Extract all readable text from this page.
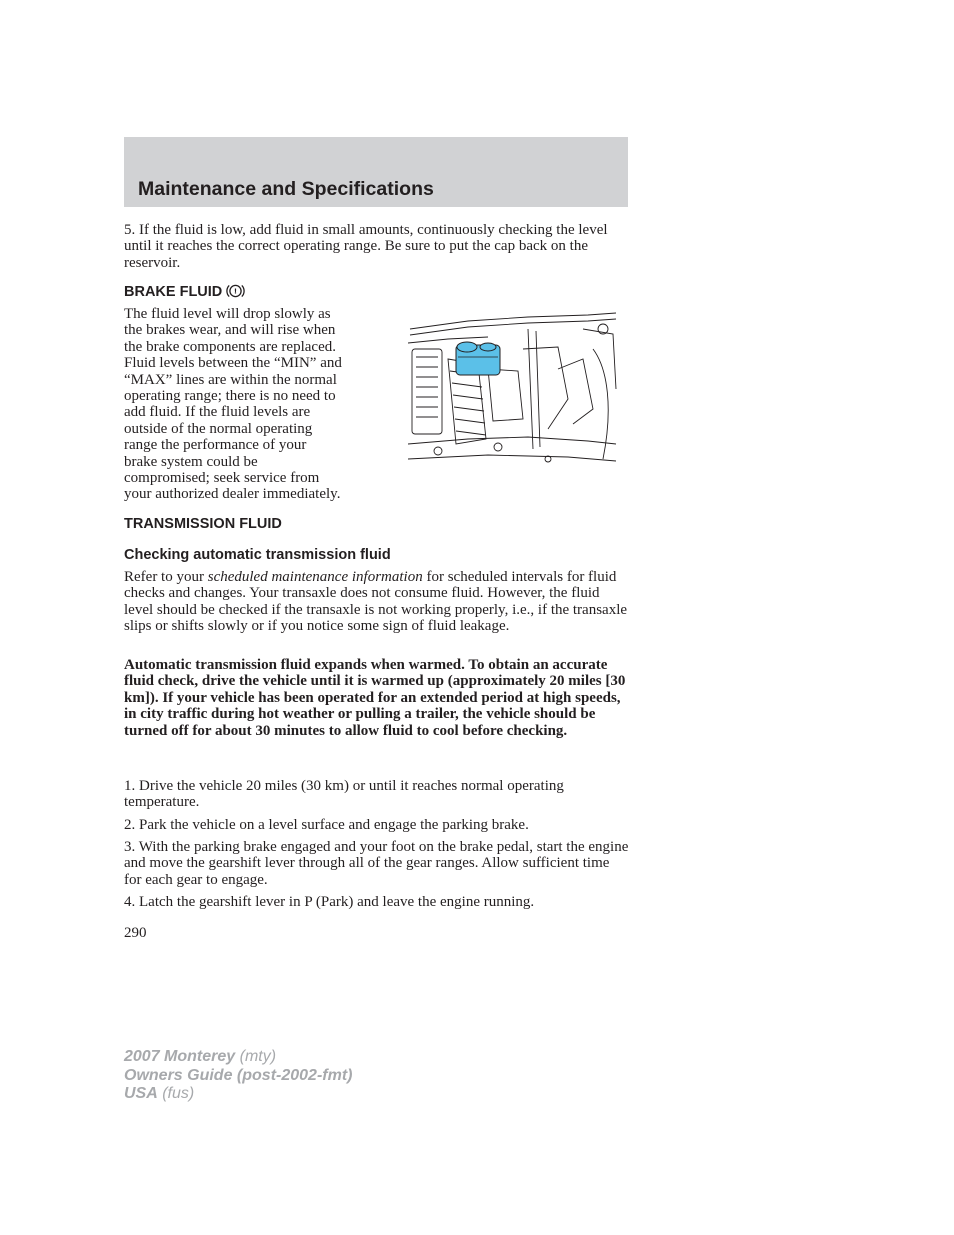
Maintenance and Specifications

5. If the fluid is low, add fluid in small amounts, continuously checking the level until it reaches the correct operating range. Be sure to put the cap back on the reservoir.

BRAKE FLUID !
The fluid level will drop slowly as
the brakes wear, and will rise when
the brake components are replaced.
Fluid levels between the “MIN” and
“MAX” lines are within the normal
operating range; there is no need to
add fluid. If the fluid levels are
outside of the normal operating
range the performance of your
brake system could be
compromised; seek service from
your authorized dealer immediately.
TRANSMISSION FLUID
Checking automatic transmission fluid

Refer to your scheduled maintenance information for scheduled intervals for fluid checks and changes. Your transaxle does not consume fluid. However, the fluid level should be checked if the transaxle is not working properly, i.e., if the transaxle slips or shifts slowly or if you notice some sign of fluid leakage.

Automatic transmission fluid expands when warmed. To obtain an accurate fluid check, drive the vehicle until it is warmed up (approximately 20 miles [30 km]). If your vehicle has been operated for an extended period at high speeds, in city traffic during hot weather or pulling a trailer, the vehicle should be turned off for about 30 minutes to allow fluid to cool before checking.

1. Drive the vehicle 20 miles (30 km) or until it reaches normal operating temperature.

2. Park the vehicle on a level surface and engage the parking brake.

3. With the parking brake engaged and your foot on the brake pedal, start the engine and move the gearshift lever through all of the gear ranges. Allow sufficient time for each gear to engage.

4. Latch the gearshift lever in P (Park) and leave the engine running.

290

2007 Monterey (mty)
Owners Guide (post-2002-fmt)
USA (fus)
